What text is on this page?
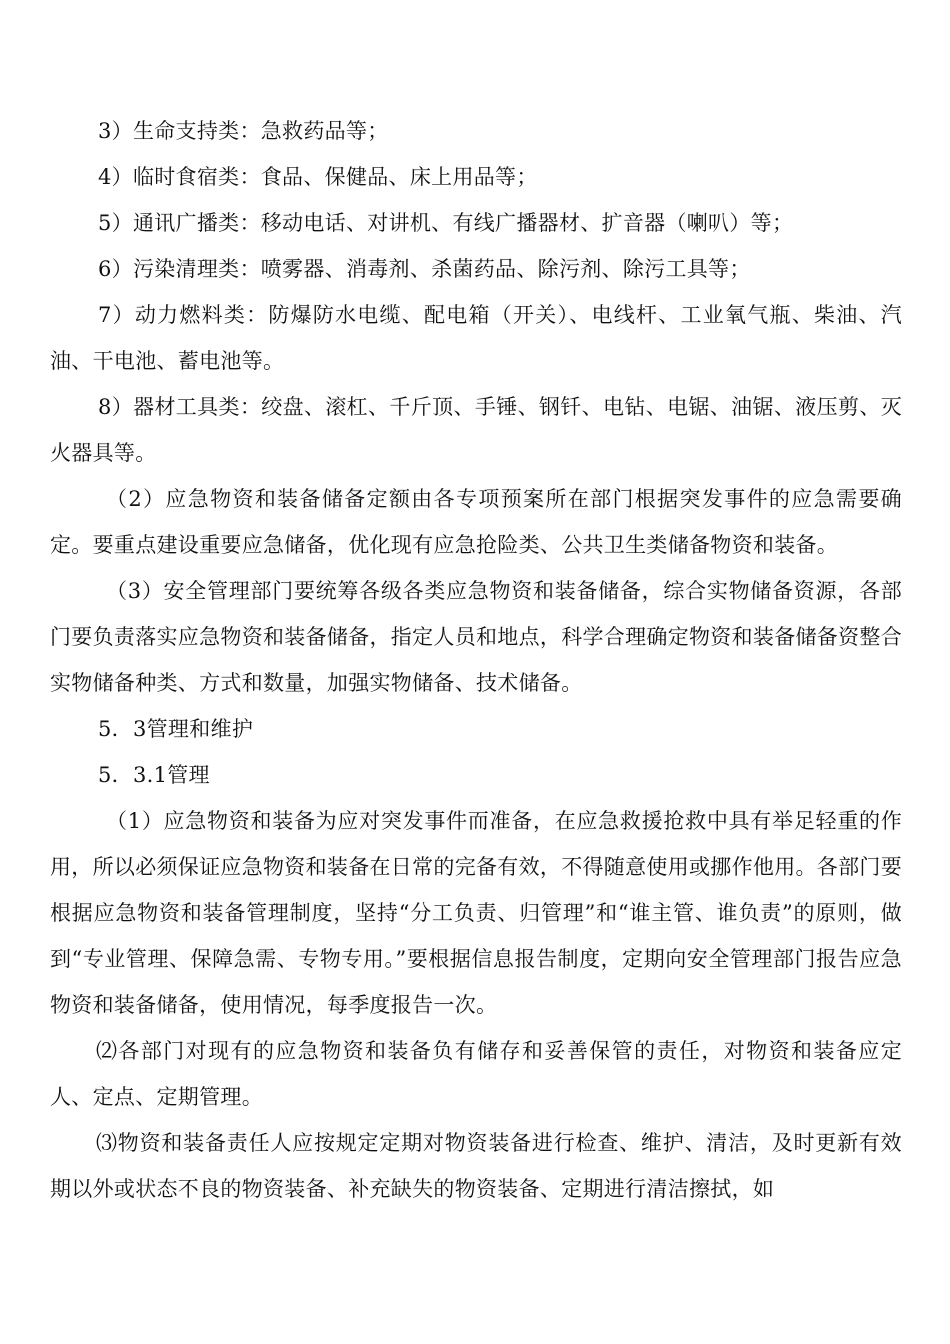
3）生命支持类：急救药品等；

4）临时食宿类：食品、保健品、床上用品等；

5）通讯广播类：移动电话、对讲机、有线广播器材、扩音器（喇叭）等；

6）污染清理类：喷雾器、消毒剂、杀菌药品、除污剂、除污工具等；

7）动力燃料类：防爆防水电缆、配电箱（开关）、电线杆、工业氧气瓶、柴油、汽油、干电池、蓄电池等。

8）器材工具类：绞盘、滚杠、千斤顶、手锤、钢钎、电钻、电锯、油锯、液压剪、灭火器具等。

（2）应急物资和装备储备定额由各专项预案所在部门根据突发事件的应急需要确定。要重点建设重要应急储备，优化现有应急抢险类、公共卫生类储备物资和装备。

（3）安全管理部门要统筹各级各类应急物资和装备储备，综合实物储备资源，各部门要负责落实应急物资和装备储备，指定人员和地点，科学合理确定物资和装备储备资整合实物储备种类、方式和数量，加强实物储备、技术储备。

5．3管理和维护

5．3.1管理

（1）应急物资和装备为应对突发事件而准备，在应急救援抢救中具有举足轻重的作用，所以必须保证应急物资和装备在日常的完备有效，不得随意使用或挪作他用。各部门要根据应急物资和装备管理制度，坚持“分工负责、归管理”和“谁主管、谁负责”的原则，做到“专业管理、保障急需、专物专用。”要根据信息报告制度，定期向安全管理部门报告应急物资和装备储备，使用情况，每季度报告一次。

⑵各部门对现有的应急物资和装备负有储存和妥善保管的责任，对物资和装备应定人、定点、定期管理。

⑶物资和装备责任人应按规定定期对物资装备进行检查、维护、清洁，及时更新有效期以外或状态不良的物资装备、补充缺失的物资装备、定期进行清洁擦拭，如
